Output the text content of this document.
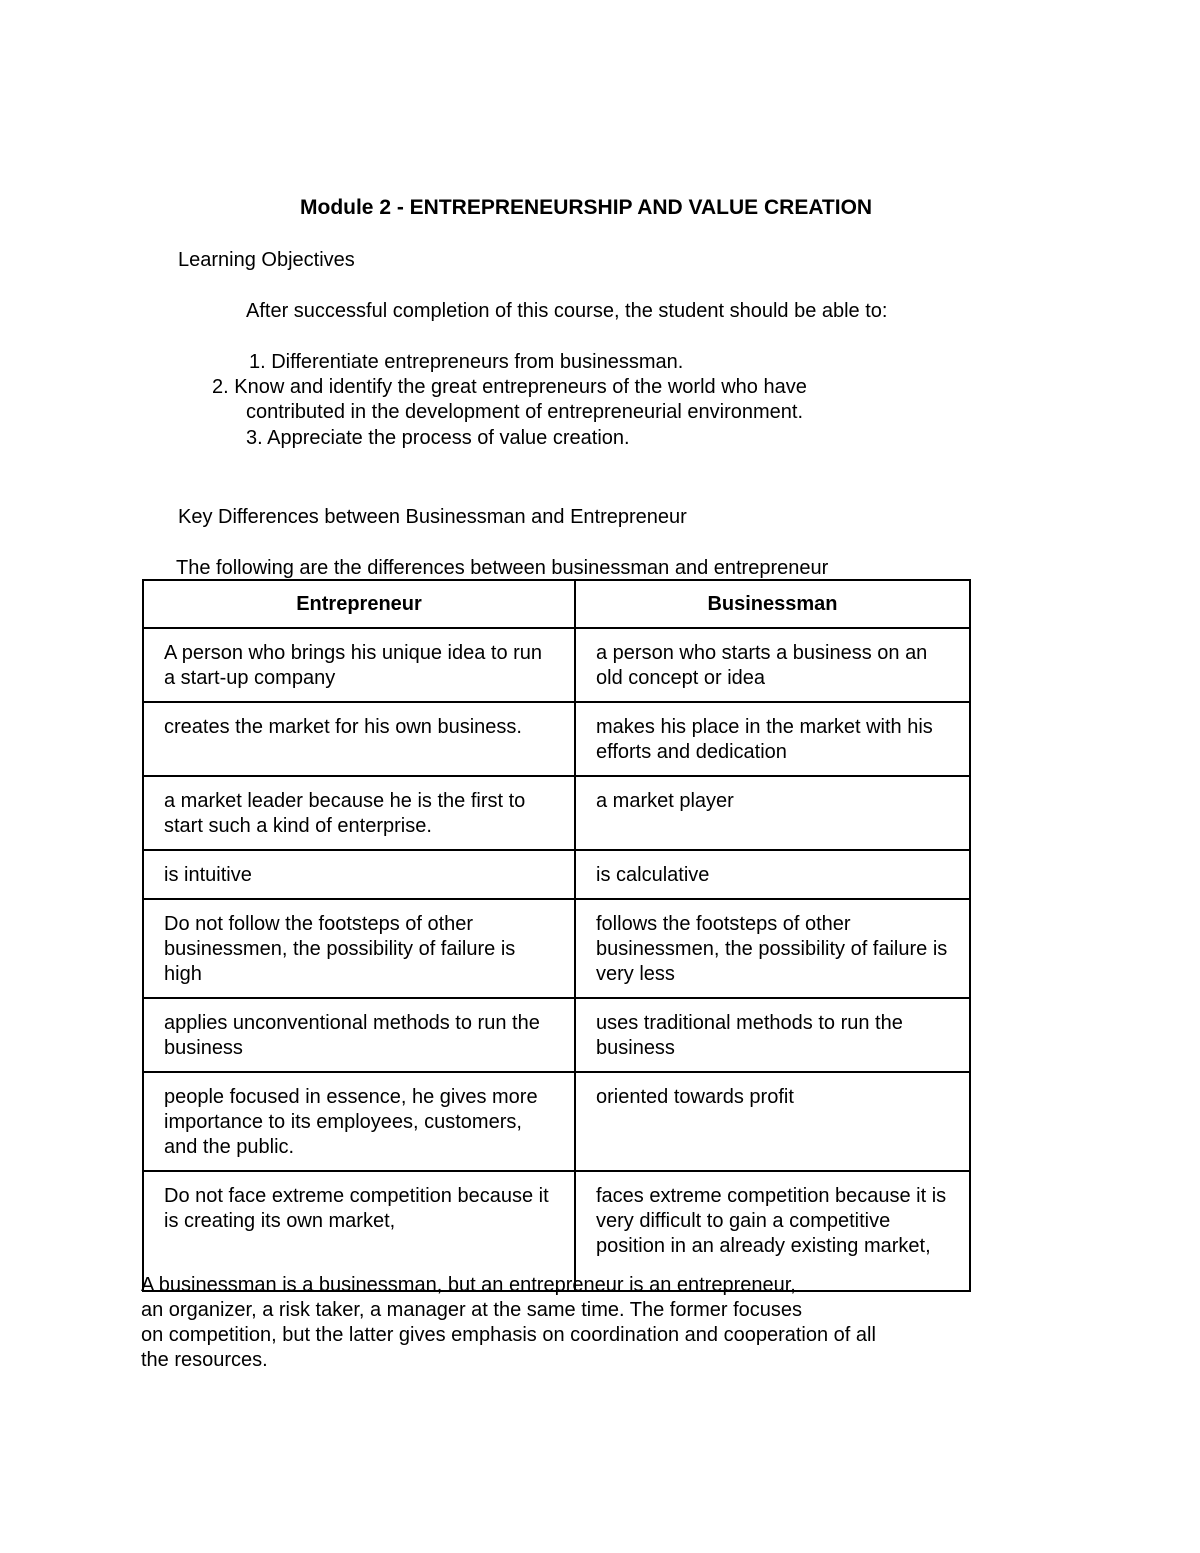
Module 2 - ENTREPRENEURSHIP AND VALUE CREATION
Learning Objectives
After successful completion of this course, the student should be able to:
1. Differentiate entrepreneurs from businessman.
2. Know and identify the great entrepreneurs of the world who have
contributed in the development of entrepreneurial environment.
3. Appreciate the process of value creation.
Key Differences between Businessman and Entrepreneur
The following are the differences between businessman and entrepreneur
Entrepreneur	Businessman
A person who brings his unique idea to run a start-up company	a person who starts a business on an old concept or idea
creates the market for his own business.	makes his place in the market with his efforts and dedication
a market leader because he is the first to start such a kind of enterprise.	a market player
is intuitive	is calculative
Do not follow the footsteps of other businessmen, the possibility of failure is high	follows the footsteps of other businessmen, the possibility of failure is very less
applies unconventional methods to run the business	uses traditional methods to run the business
people focused in essence, he gives more importance to its employees, customers, and the public.	oriented towards profit
Do not face extreme competition because it is creating its own market,	faces extreme competition because it is very difficult to gain a competitive position in an already existing market,
A businessman is a businessman, but an entrepreneur is an entrepreneur,
an organizer, a risk taker, a manager at the same time. The former focuses
on competition, but the latter gives emphasis on coordination and cooperation of all
the resources.
